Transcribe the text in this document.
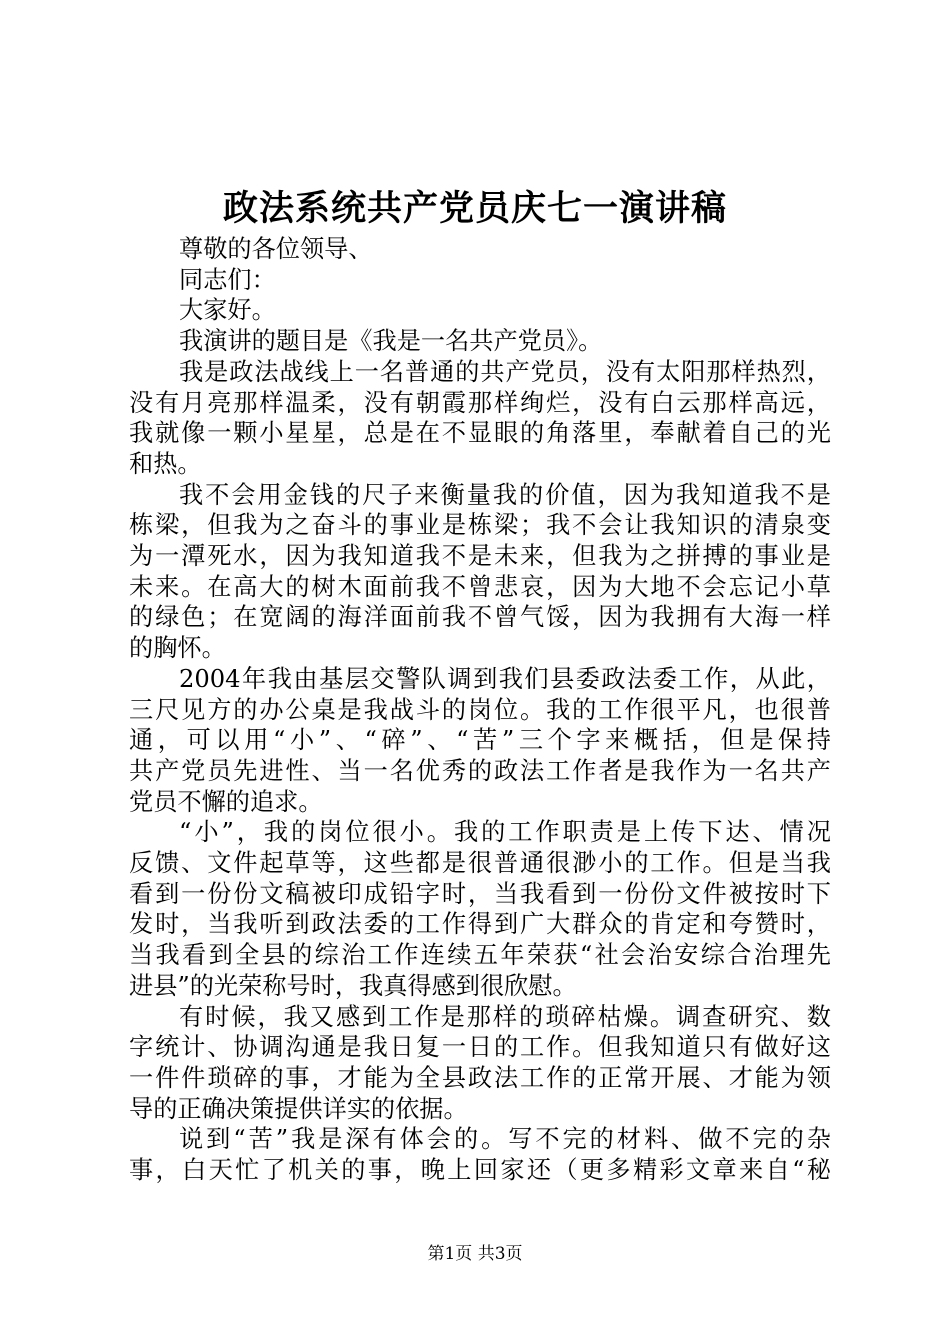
政法系统共产党员庆七一演讲稿

尊敬的各位领导、

同志们：

大家好。

我演讲的题目是《我是一名共产党员》。

我是政法战线上一名普通的共产党员，没有太阳那样热烈，

没有月亮那样温柔，没有朝霞那样绚烂，没有白云那样高远，

我就像一颗小星星，总是在不显眼的角落里，奉献着自己的光

和热。

我不会用金钱的尺子来衡量我的价值，因为我知道我不是

栋梁，但我为之奋斗的事业是栋梁；我不会让我知识的清泉变

为一潭死水，因为我知道我不是未来，但我为之拼搏的事业是

未来。在高大的树木面前我不曾悲哀，因为大地不会忘记小草

的绿色；在宽阔的海洋面前我不曾气馁，因为我拥有大海一样

的胸怀。

2004年我由基层交警队调到我们县委政法委工作，从此，

三尺见方的办公桌是我战斗的岗位。我的工作很平凡，也很普

通，可以用“小”、“碎”、“苦”三个字来概括，但是保持

共产党员先进性、当一名优秀的政法工作者是我作为一名共产

党员不懈的追求。

“小”，我的岗位很小。我的工作职责是上传下达、情况

反馈、文件起草等，这些都是很普通很渺小的工作。但是当我

看到一份份文稿被印成铅字时，当我看到一份份文件被按时下

发时，当我听到政法委的工作得到广大群众的肯定和夸赞时，

当我看到全县的综治工作连续五年荣获“社会治安综合治理先

进县”的光荣称号时，我真得感到很欣慰。

有时候，我又感到工作是那样的琐碎枯燥。调查研究、数

字统计、协调沟通是我日复一日的工作。但我知道只有做好这

一件件琐碎的事，才能为全县政法工作的正常开展、才能为领

导的正确决策提供详实的依据。

说到“苦”我是深有体会的。写不完的材料、做不完的杂

事，白天忙了机关的事，晚上回家还（更多精彩文章来自“秘

第1页 共3页
